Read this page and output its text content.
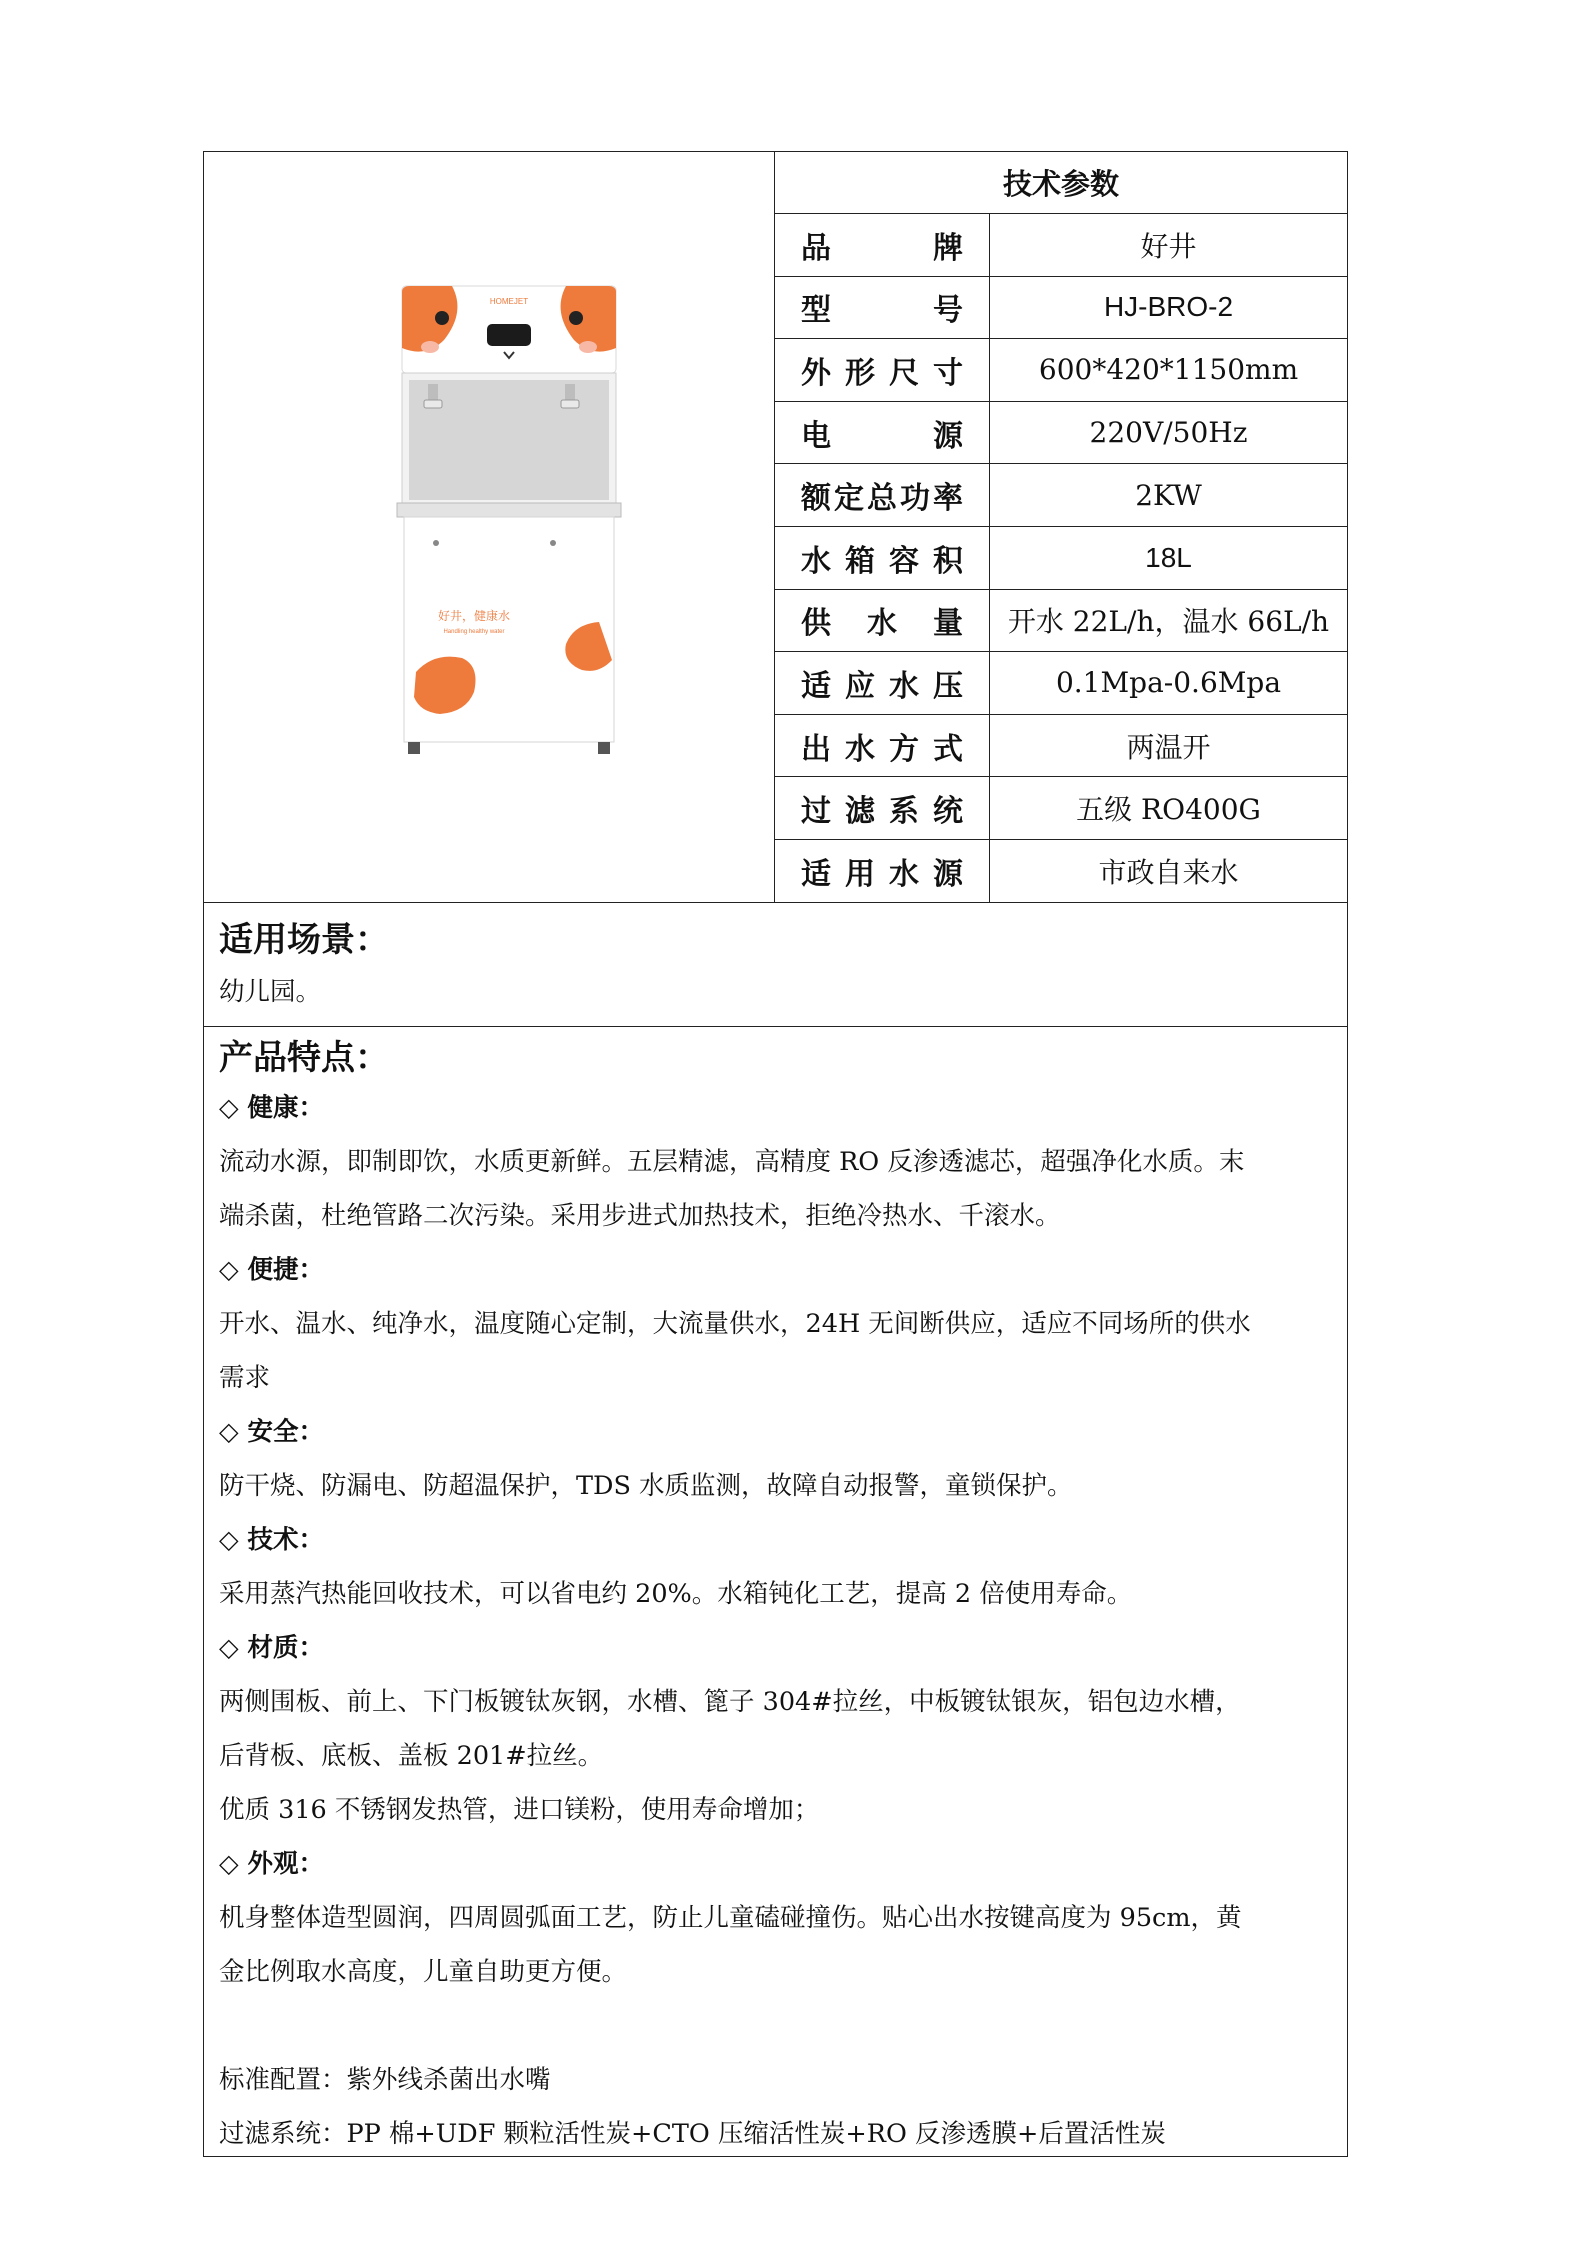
HOMEJET
好井，健康水
Handling healthy water
技术参数
品　　牌	好井
型　　号	HJ-BRO-2
外形尺寸	600*420*1150mm
电　　源	220V/50Hz
额定总功率	2KW
水箱容积	18L
供 水 量	开水 22L/h，温水 66L/h
适应水压	0.1Mpa-0.6Mpa
出水方式	两温开
过滤系统	五级 RO400G
适用水源	市政自来水

适用场景：

幼儿园。

产品特点：

◇ 健康：

流动水源，即制即饮，水质更新鲜。五层精滤，高精度 RO 反渗透滤芯，超强净化水质。末

端杀菌，杜绝管路二次污染。采用步进式加热技术，拒绝冷热水、千滚水。

◇ 便捷：

开水、温水、纯净水，温度随心定制，大流量供水，24H 无间断供应，适应不同场所的供水

需求

◇ 安全：

防干烧、防漏电、防超温保护，TDS 水质监测，故障自动报警，童锁保护。

◇ 技术：

采用蒸汽热能回收技术，可以省电约 20%。水箱钝化工艺，提高 2 倍使用寿命。

◇ 材质：

两侧围板、前上、下门板镀钛灰钢，水槽、篦子 304#拉丝，中板镀钛银灰，铝包边水槽，

后背板、底板、盖板 201#拉丝。

优质 316 不锈钢发热管，进口镁粉，使用寿命增加；

◇ 外观：

机身整体造型圆润，四周圆弧面工艺，防止儿童磕碰撞伤。贴心出水按键高度为 95cm，黄

金比例取水高度，儿童自助更方便。

标准配置：紫外线杀菌出水嘴

过滤系统：PP 棉+UDF 颗粒活性炭+CTO 压缩活性炭+RO 反渗透膜+后置活性炭
